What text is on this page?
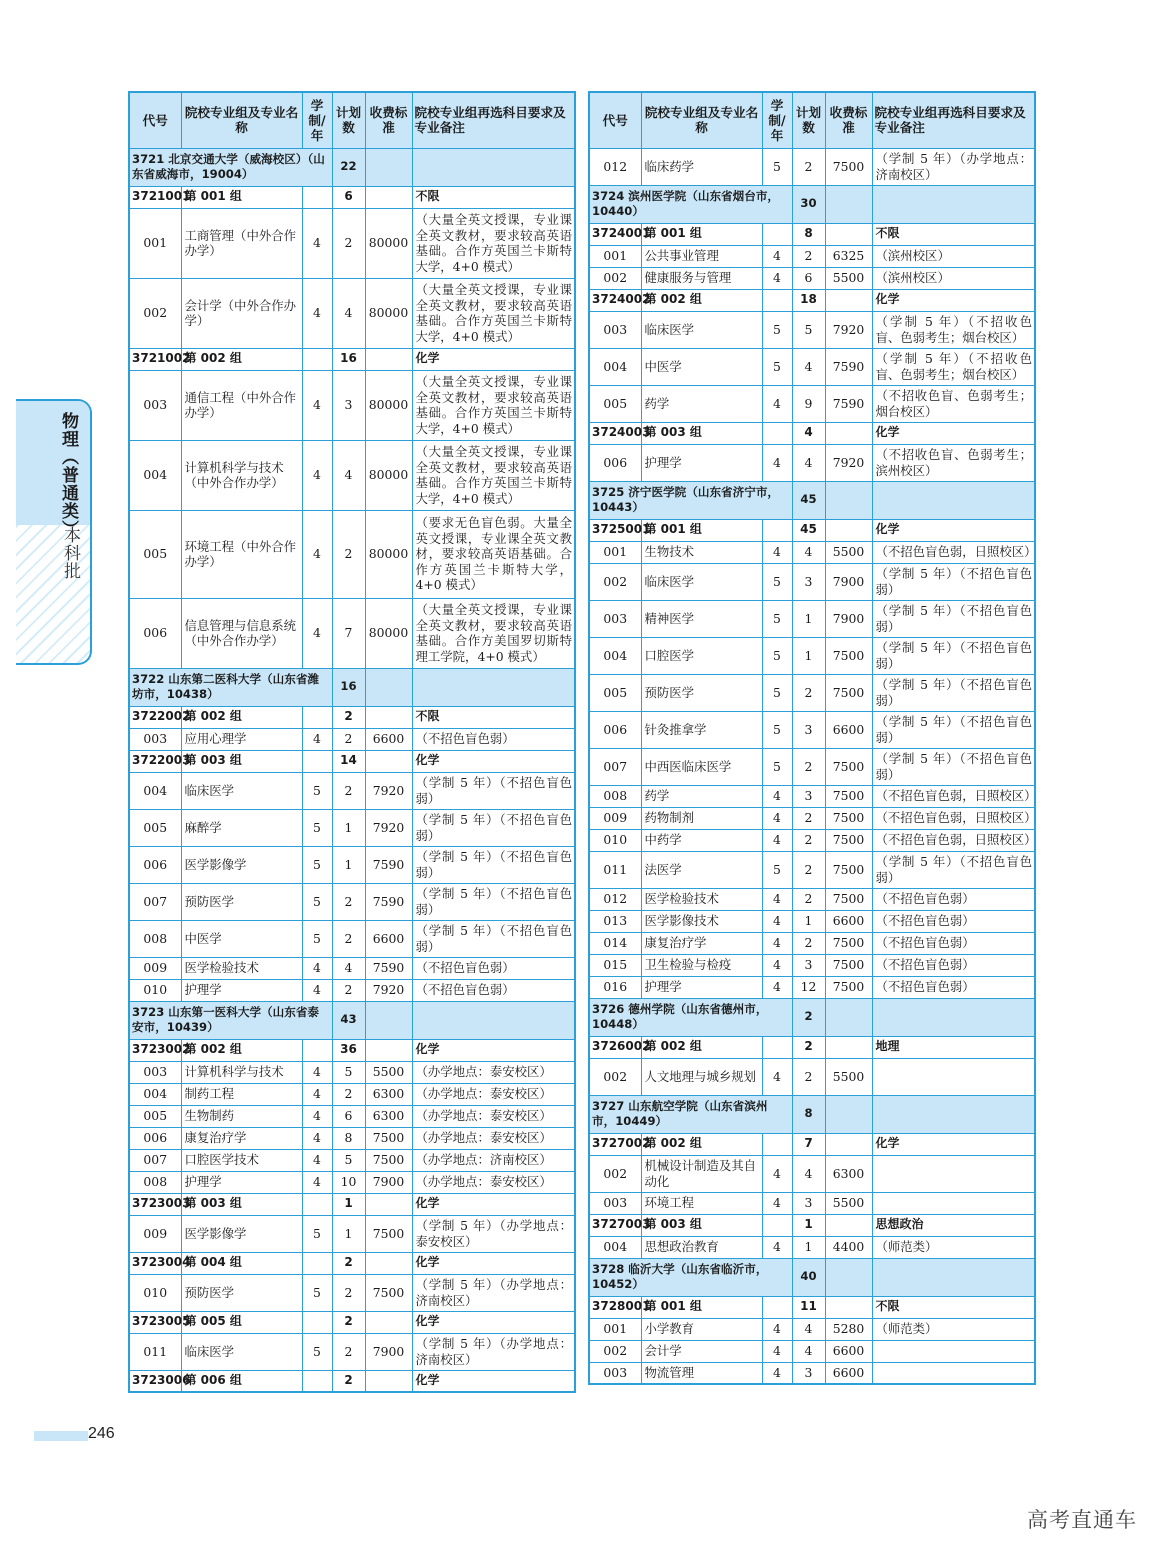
物理（普通类）
本科批
代号	院校专业组及专业名称	学制/年	计划数	收费标准	院校专业组再选科目要求及专业备注
3721 北京交通大学（威海校区）（山东省威海市，19004）			22		
3721001	第 001 组		6		不限
001	工商管理（中外合作办学）	4	2	80000	（大量全英文授课，专业课全英文教材，要求较高英语基础。合作方英国兰卡斯特大学，4+0 模式）
002	会计学（中外合作办学）	4	4	80000	（大量全英文授课，专业课全英文教材，要求较高英语基础。合作方英国兰卡斯特大学，4+0 模式）
3721002	第 002 组		16		化学
003	通信工程（中外合作办学）	4	3	80000	（大量全英文授课，专业课全英文教材，要求较高英语基础。合作方英国兰卡斯特大学，4+0 模式）
004	计算机科学与技术（中外合作办学）	4	4	80000	（大量全英文授课，专业课全英文教材，要求较高英语基础。合作方英国兰卡斯特大学，4+0 模式）
005	环境工程（中外合作办学）	4	2	80000	（要求无色盲色弱。大量全英文授课，专业课全英文教材，要求较高英语基础。合作方英国兰卡斯特大学，4+0 模式）
006	信息管理与信息系统（中外合作办学）	4	7	80000	（大量全英文授课，专业课全英文教材，要求较高英语基础。合作方美国罗切斯特理工学院，4+0 模式）
3722 山东第二医科大学（山东省潍坊市，10438）			16		
3722002	第 002 组		2		不限
003	应用心理学	4	2	6600	（不招色盲色弱）
3722003	第 003 组		14		化学
004	临床医学	5	2	7920	（学制 5 年）（不招色盲色弱）
005	麻醉学	5	1	7920	（学制 5 年）（不招色盲色弱）
006	医学影像学	5	1	7590	（学制 5 年）（不招色盲色弱）
007	预防医学	5	2	7590	（学制 5 年）（不招色盲色弱）
008	中医学	5	2	6600	（学制 5 年）（不招色盲色弱）
009	医学检验技术	4	4	7590	（不招色盲色弱）
010	护理学	4	2	7920	（不招色盲色弱）
3723 山东第一医科大学（山东省泰安市，10439）			43		
3723002	第 002 组		36		化学
003	计算机科学与技术	4	5	5500	（办学地点：泰安校区）
004	制药工程	4	2	6300	（办学地点：泰安校区）
005	生物制药	4	6	6300	（办学地点：泰安校区）
006	康复治疗学	4	8	7500	（办学地点：泰安校区）
007	口腔医学技术	4	5	7500	（办学地点：济南校区）
008	护理学	4	10	7900	（办学地点：泰安校区）
3723003	第 003 组		1		化学
009	医学影像学	5	1	7500	（学制 5 年）（办学地点：泰安校区）
3723004	第 004 组		2		化学
010	预防医学	5	2	7500	（学制 5 年）（办学地点：济南校区）
3723005	第 005 组		2		化学
011	临床医学	5	2	7900	（学制 5 年）（办学地点：济南校区）
3723006	第 006 组		2		化学
代号	院校专业组及专业名称	学制/年	计划数	收费标准	院校专业组再选科目要求及专业备注
012	临床药学	5	2	7500	（学制 5 年）（办学地点：济南校区）
3724 滨州医学院（山东省烟台市，10440）			30		
3724001	第 001 组		8		不限
001	公共事业管理	4	2	6325	（滨州校区）
002	健康服务与管理	4	6	5500	（滨州校区）
3724002	第 002 组		18		化学
003	临床医学	5	5	7920	（学制 5 年）（不招收色盲、色弱考生；烟台校区）
004	中医学	5	4	7590	（学制 5 年）（不招收色盲、色弱考生；烟台校区）
005	药学	4	9	7590	（不招收色盲、色弱考生；烟台校区）
3724003	第 003 组		4		化学
006	护理学	4	4	7920	（不招收色盲、色弱考生；滨州校区）
3725 济宁医学院（山东省济宁市，10443）			45		
3725001	第 001 组		45		化学
001	生物技术	4	4	5500	（不招色盲色弱，日照校区）
002	临床医学	5	3	7900	（学制 5 年）（不招色盲色弱）
003	精神医学	5	1	7900	（学制 5 年）（不招色盲色弱）
004	口腔医学	5	1	7500	（学制 5 年）（不招色盲色弱）
005	预防医学	5	2	7500	（学制 5 年）（不招色盲色弱）
006	针灸推拿学	5	3	6600	（学制 5 年）（不招色盲色弱）
007	中西医临床医学	5	2	7500	（学制 5 年）（不招色盲色弱）
008	药学	4	3	7500	（不招色盲色弱，日照校区）
009	药物制剂	4	2	7500	（不招色盲色弱，日照校区）
010	中药学	4	2	7500	（不招色盲色弱，日照校区）
011	法医学	5	2	7500	（学制 5 年）（不招色盲色弱）
012	医学检验技术	4	2	7500	（不招色盲色弱）
013	医学影像技术	4	1	6600	（不招色盲色弱）
014	康复治疗学	4	2	7500	（不招色盲色弱）
015	卫生检验与检疫	4	3	7500	（不招色盲色弱）
016	护理学	4	12	7500	（不招色盲色弱）
3726 德州学院（山东省德州市，10448）			2		
3726002	第 002 组		2		地理
002	人文地理与城乡规划	4	2	5500	
3727 山东航空学院（山东省滨州市，10449）			8		
3727002	第 002 组		7		化学
002	机械设计制造及其自动化	4	4	6300	
003	环境工程	4	3	5500	
3727003	第 003 组		1		思想政治
004	思想政治教育	4	1	4400	（师范类）
3728 临沂大学（山东省临沂市，10452）			40		
3728001	第 001 组		11		不限
001	小学教育	4	4	5280	（师范类）
002	会计学	4	4	6600	
003	物流管理	4	3	6600	
246
高考直通车
